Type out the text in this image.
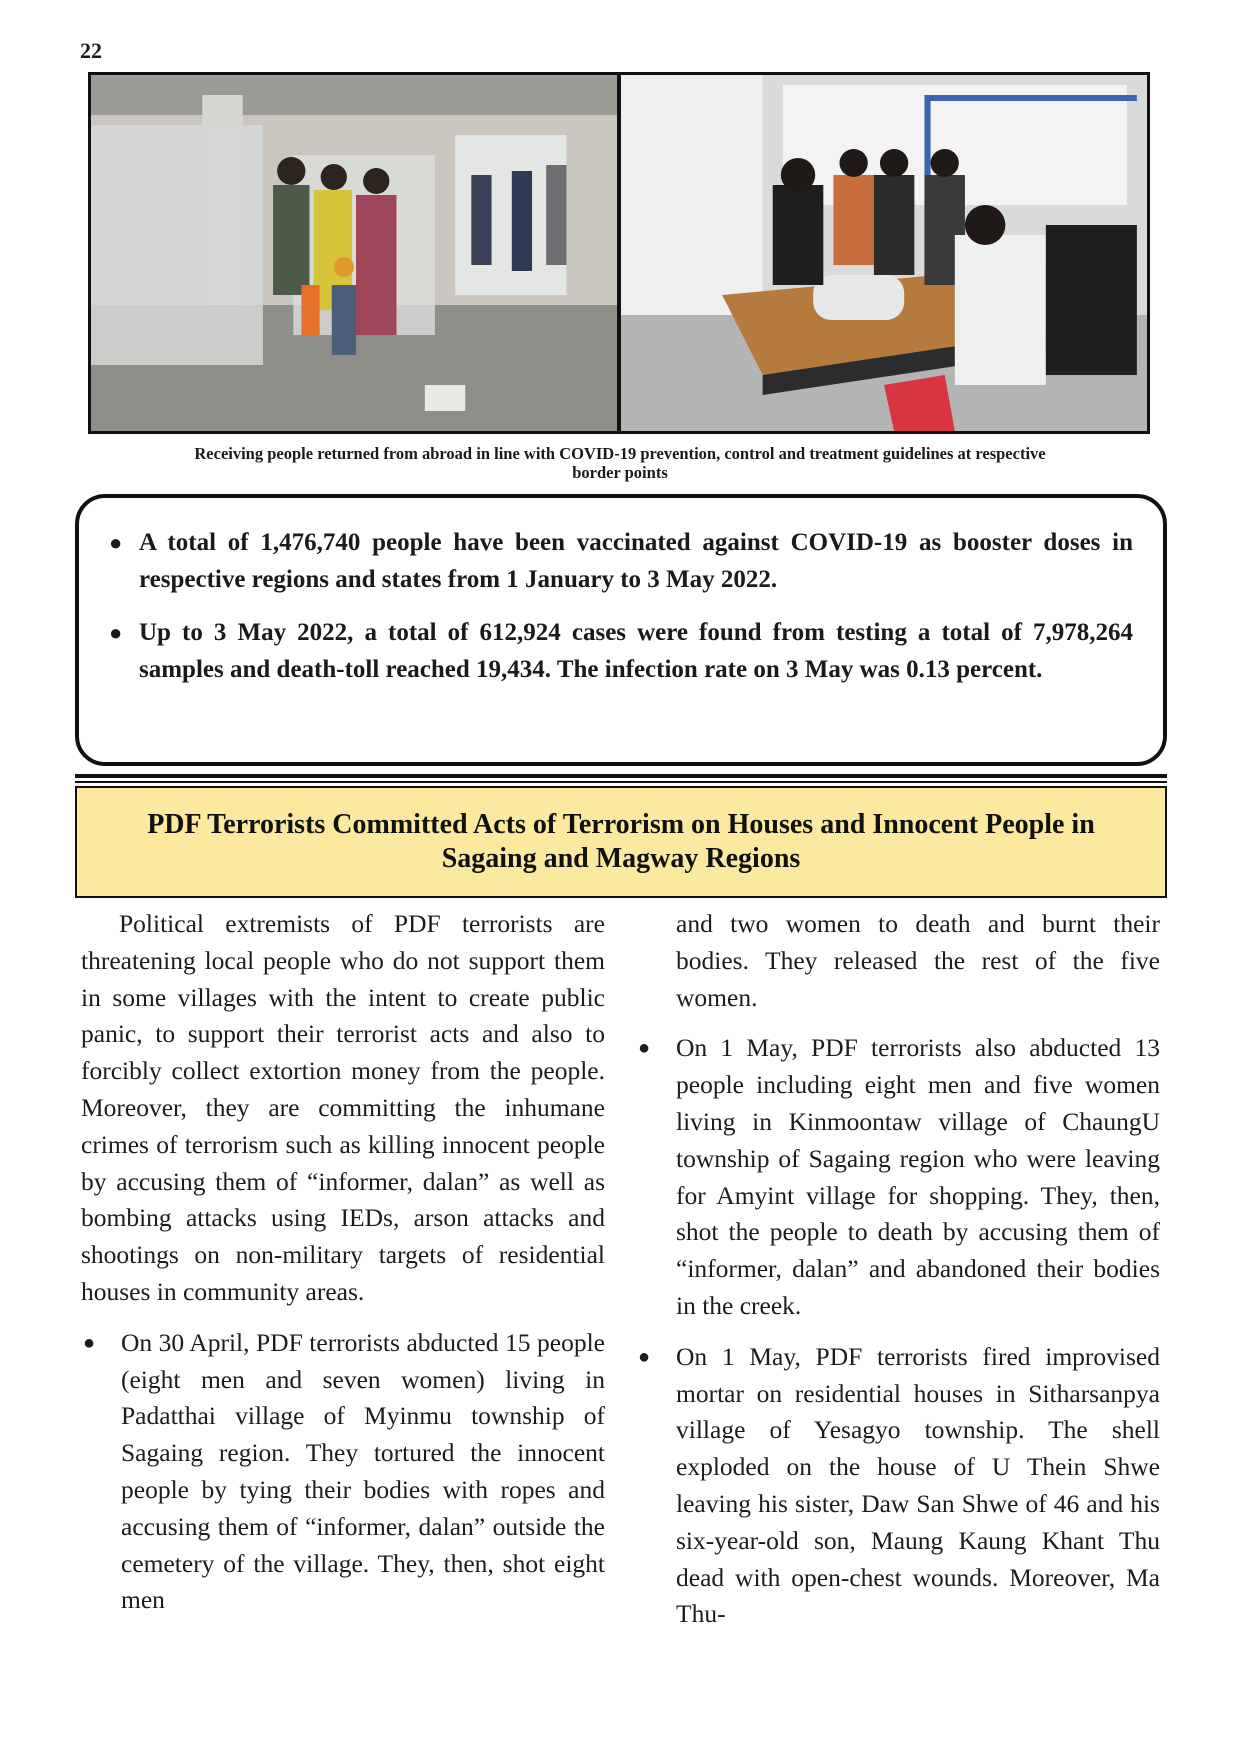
22
Receiving people returned from abroad in line with COVID-19 prevention, control and treatment guidelines at respective
border points
● A total of 1,476,740 people have been vaccinated against COVID-19 as booster doses in respective regions and states from 1 January to 3 May 2022.
● Up to 3 May 2022, a total of 612,924 cases were found from testing a total of 7,978,264 samples and death-toll reached 19,434. The infection rate on 3 May was 0.13 percent.
PDF Terrorists Committed Acts of Terrorism on Houses and Innocent People in Sagaing and Magway Regions

Political extremists of PDF terrorists are threatening local people who do not support them in some villages with the intent to create public panic, to support their terrorist acts and also to forcibly collect extortion money from the people. Moreover, they are committing the inhumane crimes of terrorism such as killing innocent people by accusing them of “informer, dalan” as well as bombing attacks using IEDs, arson attacks and shootings on non-military targets of residential houses in community areas.

● On 30 April, PDF terrorists abducted 15 people (eight men and seven women) living in Padatthai village of Myinmu township of Sagaing region. They tortured the innocent people by tying their bodies with ropes and accusing them of “informer, dalan” outside the cemetery of the village. They, then, shot eight men

and two women to death and burnt their bodies. They released the rest of the five women.

● On 1 May, PDF terrorists also abducted 13 people including eight men and five women living in Kinmoontaw village of ChaungU township of Sagaing region who were leaving for Amyint village for shopping. They, then, shot the people to death by accusing them of “informer, dalan” and abandoned their bodies in the creek.
● On 1 May, PDF terrorists fired improvised mortar on residential houses in Sitharsanpya village of Yesagyo township. The shell exploded on the house of U Thein Shwe leaving his sister, Daw San Shwe of 46 and his six-year-old son, Maung Kaung Khant Thu dead with open-chest wounds. Moreover, Ma Thu-
